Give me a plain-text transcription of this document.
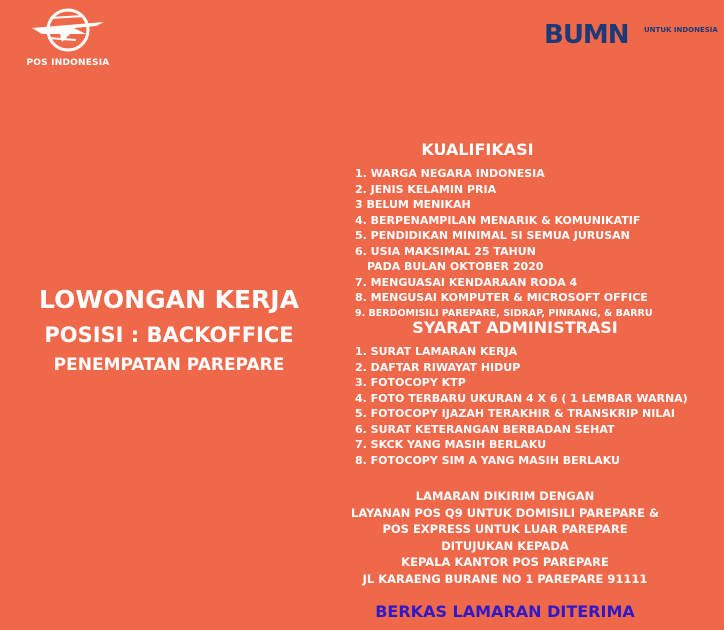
POS INDONESIA
BUMN UNTUK INDONESIA
LOWONGAN KERJA
POSISI : BACKOFFICE
PENEMPATAN PAREPARE
KUALIFIKASI
1. WARGA NEGARA INDONESIA
2. JENIS KELAMIN PRIA
3 BELUM MENIKAH
4. BERPENAMPILAN MENARIK & KOMUNIKATIF
5. PENDIDIKAN MINIMAL SI SEMUA JURUSAN
6. USIA MAKSIMAL 25 TAHUN
PADA BULAN OKTOBER 2020
7. MENGUASAI KENDARAAN RODA 4
8. MENGUSAI KOMPUTER & MICROSOFT OFFICE
9. BERDOMISILI PAREPARE, SIDRAP, PINRANG, & BARRU
SYARAT ADMINISTRASI
1. SURAT LAMARAN KERJA
2. DAFTAR RIWAYAT HIDUP
3. FOTOCOPY KTP
4. FOTO TERBARU UKURAN 4 X 6 ( 1 LEMBAR WARNA)
5. FOTOCOPY IJAZAH TERAKHIR & TRANSKRIP NILAI
6. SURAT KETERANGAN BERBADAN SEHAT
7. SKCK YANG MASIH BERLAKU
8. FOTOCOPY SIM A YANG MASIH BERLAKU
LAMARAN DIKIRIM DENGAN
LAYANAN POS Q9 UNTUK DOMISILI PAREPARE &
POS EXPRESS UNTUK LUAR PAREPARE
DITUJUKAN KEPADA
KEPALA KANTOR POS PAREPARE
JL KARAENG BURANE NO 1 PAREPARE 91111
BERKAS LAMARAN DITERIMA
